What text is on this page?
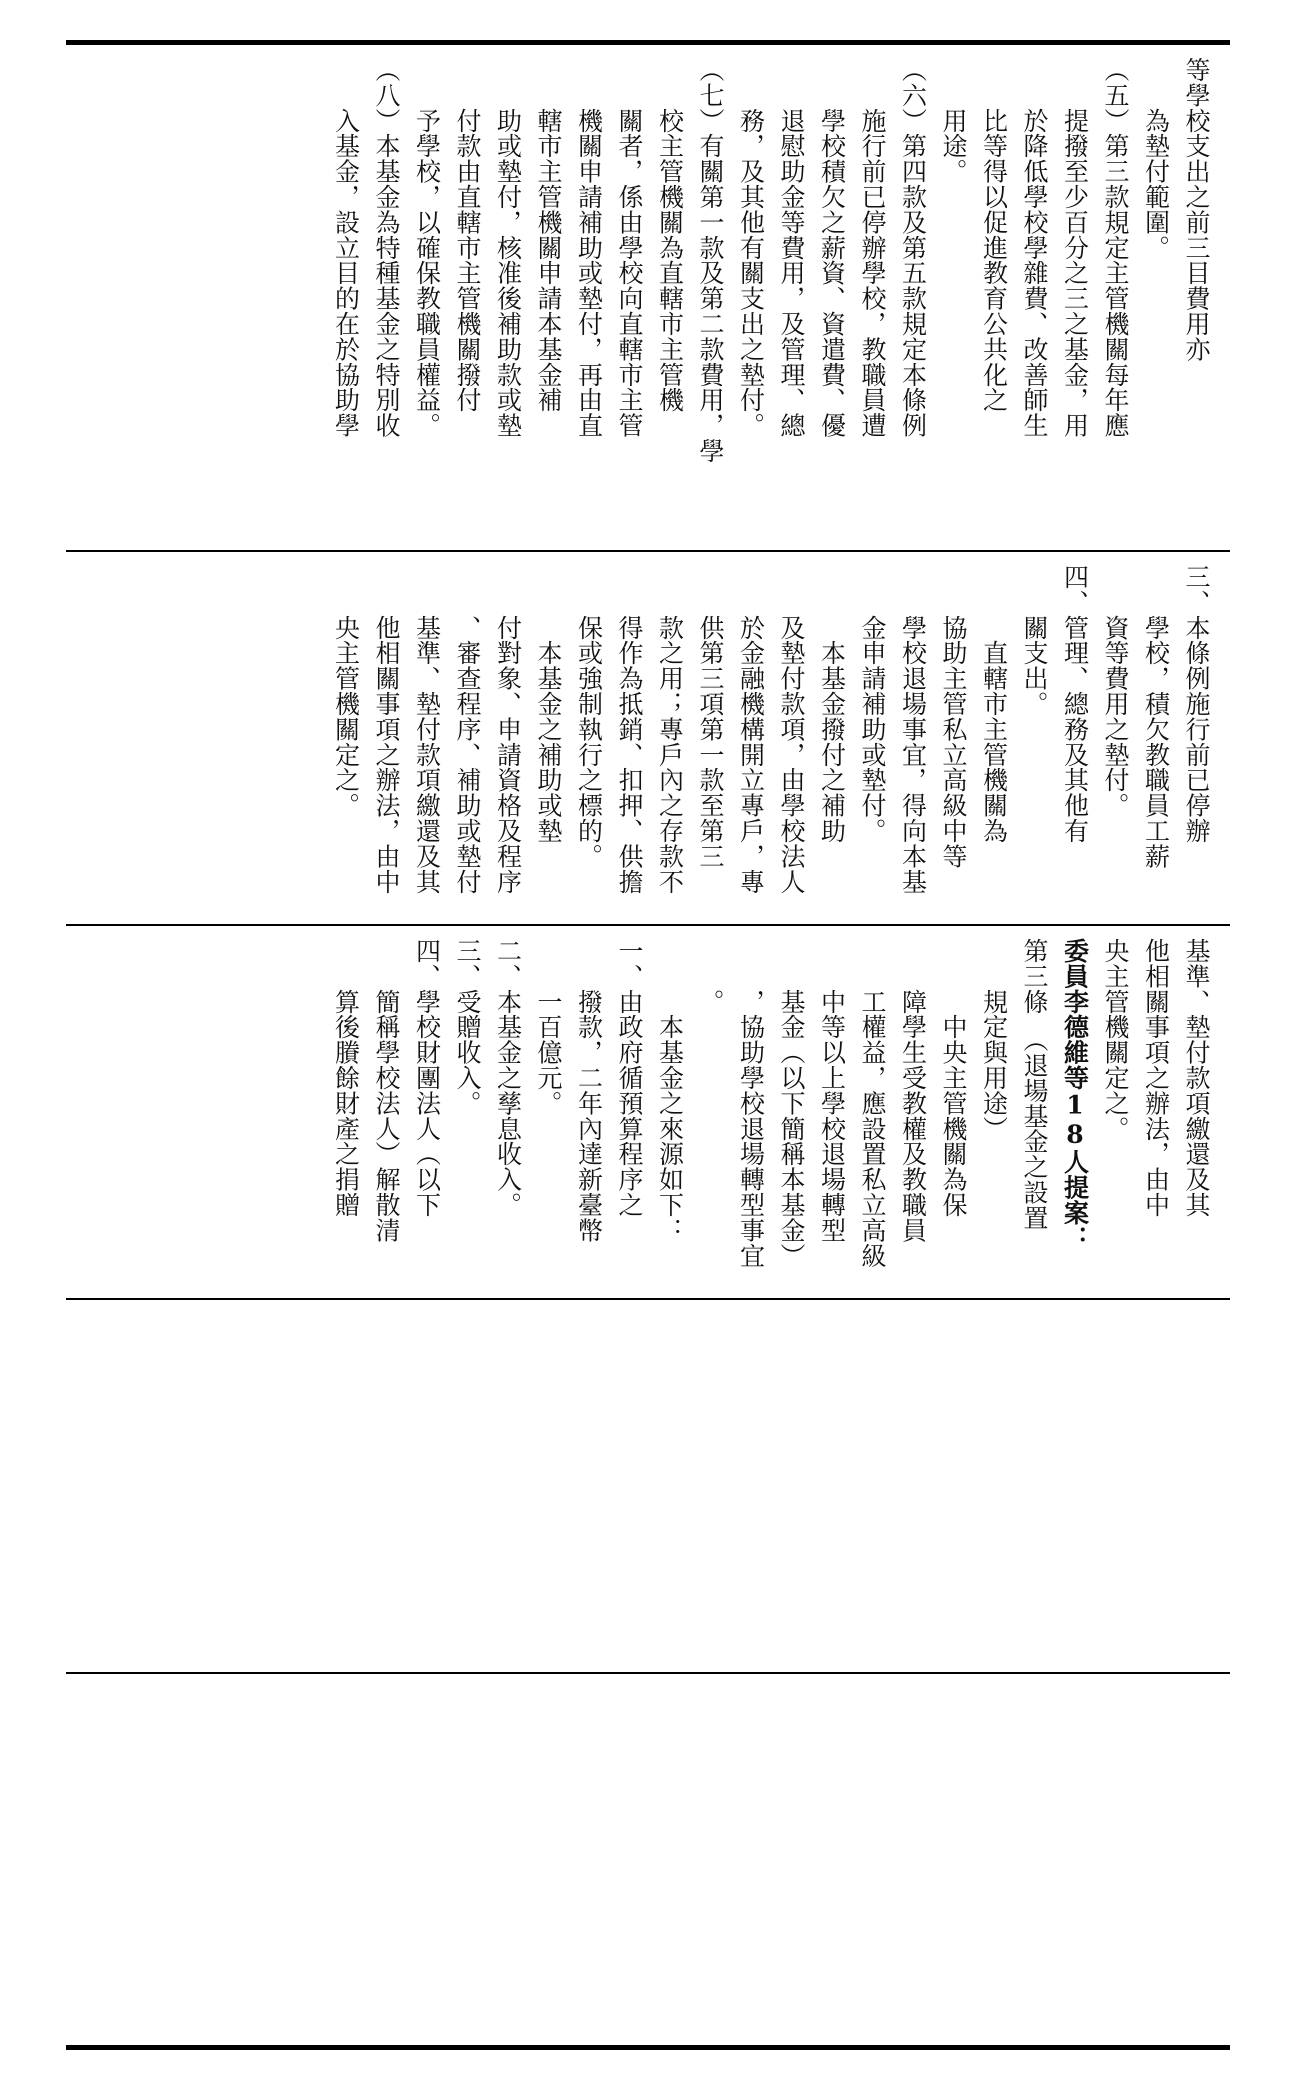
等學校支出之前三目費用亦

　　為墊付範圍。

（五）第三款規定主管機關每年應

　　提撥至少百分之三之基金，用

　　於降低學校學雜費、改善師生

　　比等得以促進教育公共化之

　　用途。

（六）第四款及第五款規定本條例

　　施行前已停辦學校，教職員遭

　　學校積欠之薪資、資遣費、優

　　退慰助金等費用，及管理、總

　　務，及其他有關支出之墊付。

（七）有關第一款及第二款費用，學

　　校主管機關為直轄市主管機

　　關者，係由學校向直轄市主管

　　機關申請補助或墊付，再由直

　　轄市主管機關申請本基金補

　　助或墊付，核准後補助款或墊

　　付款由直轄市主管機關撥付

　　予學校，以確保教職員權益。

（八）本基金為特種基金之特別收

　　入基金，設立目的在於協助學

三、本條例施行前已停辦

　　學校，積欠教職員工薪

　　資等費用之墊付。

四、管理、總務及其他有

　　關支出。

　　　直轄市主管機關為

　　協助主管私立高級中等

　　學校退場事宜，得向本基

　　金申請補助或墊付。

　　　本基金撥付之補助

　　及墊付款項，由學校法人

　　於金融機構開立專戶，專

　　供第三項第一款至第三

　　款之用；專戶內之存款不

　　得作為抵銷、扣押、供擔

　　保或強制執行之標的。

　　　本基金之補助或墊

　　付對象、申請資格及程序

　　、審查程序、補助或墊付

　　基準、墊付款項繳還及其

　　他相關事項之辦法，由中

　　央主管機關定之。

基準、墊付款項繳還及其

他相關事項之辦法，由中

央主管機關定之。

委員李德維等18人提案：

第三條　（退場基金之設置

　　規定與用途）

　　　中央主管機關為保

　　障學生受教權及教職員

　　工權益，應設置私立高級

　　中等以上學校退場轉型

　　基金（以下簡稱本基金）

　　，協助學校退場轉型事宜

　　。

　　　本基金之來源如下：

一、由政府循預算程序之

　　撥款，二年內達新臺幣

　　一百億元。

二、本基金之孳息收入。

三、受贈收入。

四、學校財團法人（以下

　　簡稱學校法人）解散清

　　算後賸餘財產之捐贈
